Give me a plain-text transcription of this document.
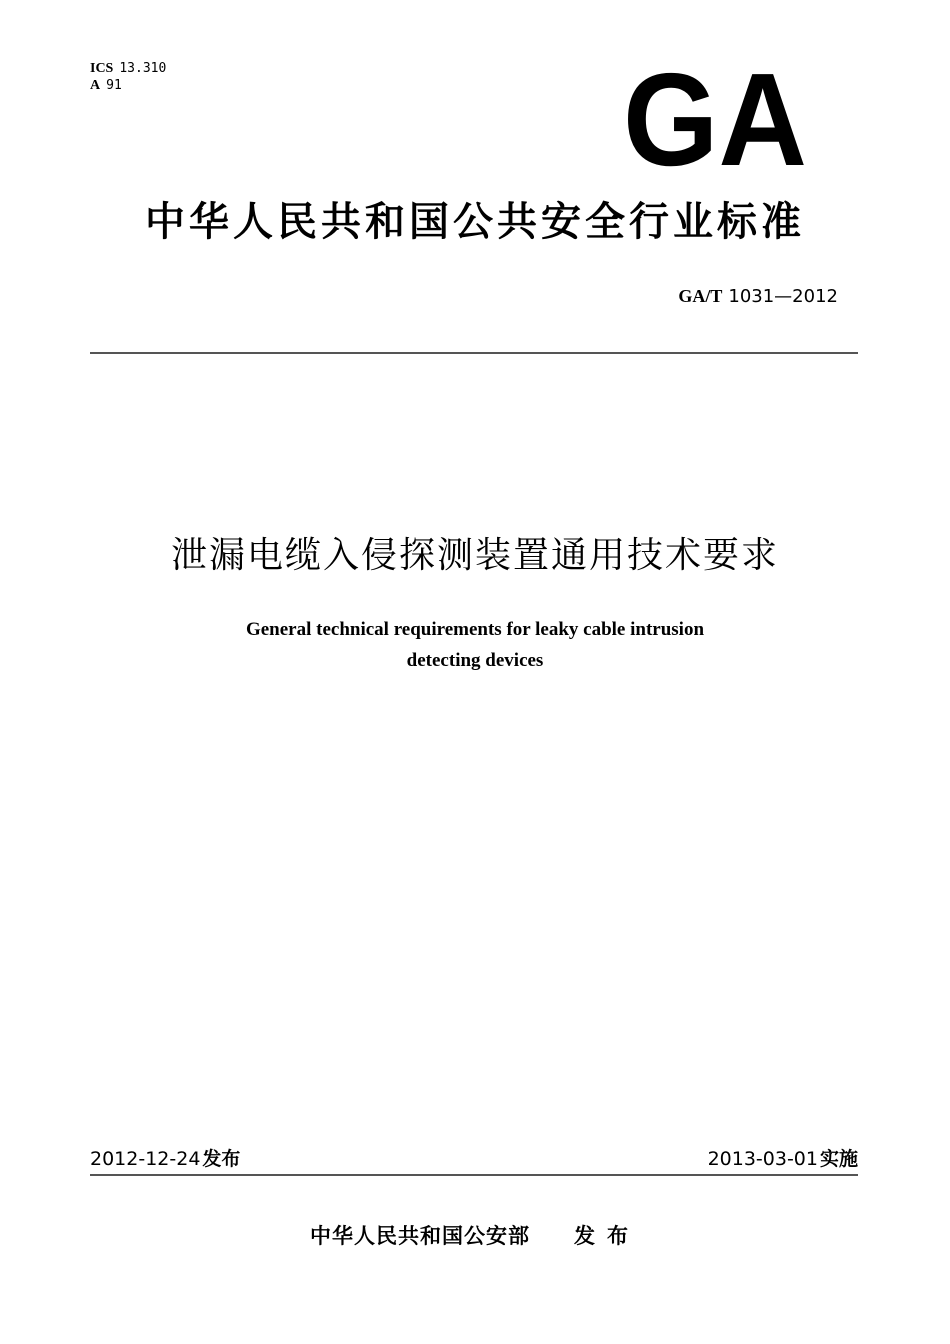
ICS 13.310
A 91	GA
中华人民共和国公共安全行业标准
GA/T 1031—2012
泄漏电缆入侵探测装置通用技术要求
General technical requirements for leaky cable intrusion
detecting devices
2012-12-24 发布	2013-03-01 实施
中华人民共和国公安部 发布
